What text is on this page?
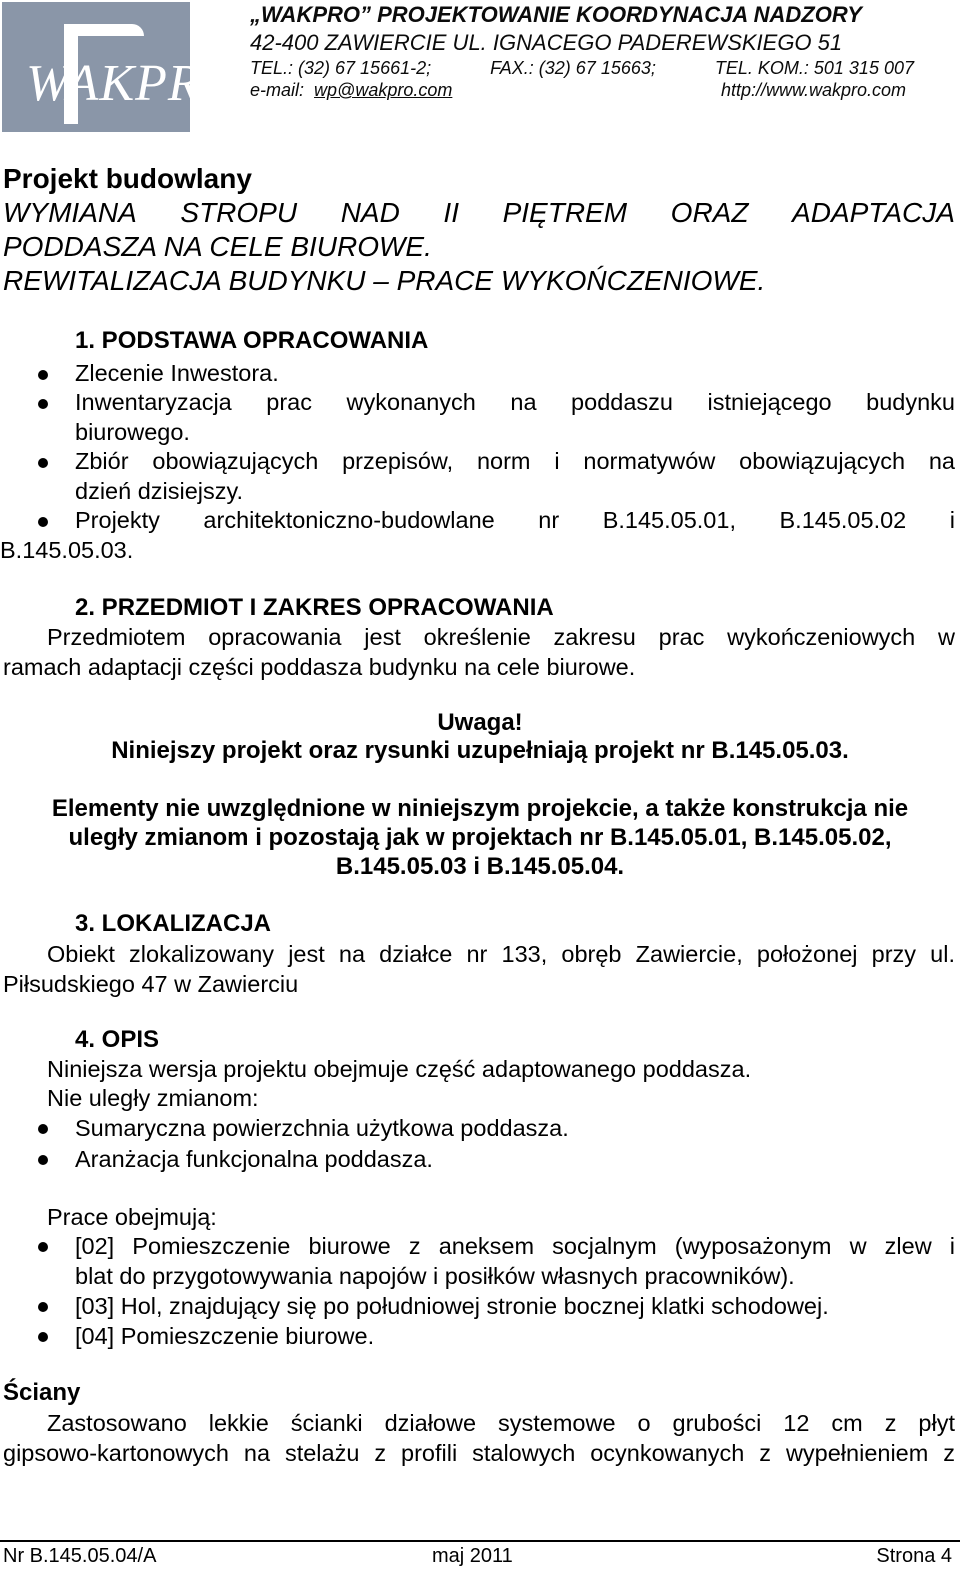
WAKPRO
„WAKPRO” PROJEKTOWANIE KOORDYNACJA NADZORY
42-400 ZAWIERCIE UL. IGNACEGO PADEREWSKIEGO 51
TEL.: (32) 67 15661-2;	FAX.: (32) 67 15663;	TEL. KOM.: 501 315 007
e-mail: wp@wakpro.com	http://www.wakpro.com
Projekt budowlany
WYMIANA STROPU NAD II PIĘTREM ORAZ ADAPTACJA
PODDASZA NA CELE BIUROWE.
REWITALIZACJA BUDYNKU – PRACE WYKOŃCZENIOWE.
1. PODSTAWA OPRACOWANIA
Zlecenie Inwestora.
Inwentaryzacja prac wykonanych na poddaszu istniejącego budynku
biurowego.
Zbiór obowiązujących przepisów, norm i normatywów obowiązujących na
dzień dzisiejszy.
Projekty architektoniczno-budowlane nr B.145.05.01, B.145.05.02 i
B.145.05.03.
2. PRZEDMIOT I ZAKRES OPRACOWANIA
Przedmiotem opracowania jest określenie zakresu prac wykończeniowych w
ramach adaptacji części poddasza budynku na cele biurowe.
Uwaga!
Niniejszy projekt oraz rysunki uzupełniają projekt nr B.145.05.03.
Elementy nie uwzględnione w niniejszym projekcie, a także konstrukcja nie
uległy zmianom i pozostają jak w projektach nr B.145.05.01, B.145.05.02,
B.145.05.03 i B.145.05.04.
3. LOKALIZACJA
Obiekt zlokalizowany jest na działce nr 133, obręb Zawiercie, położonej przy ul.
Piłsudskiego 47 w Zawierciu
4. OPIS
Niniejsza wersja projektu obejmuje część adaptowanego poddasza.
Nie uległy zmianom:
Sumaryczna powierzchnia użytkowa poddasza.
Aranżacja funkcjonalna poddasza.
Prace obejmują:
[02] Pomieszczenie biurowe z aneksem socjalnym (wyposażonym w zlew i
blat do przygotowywania napojów i posiłków własnych pracowników).
[03] Hol, znajdujący się po południowej stronie bocznej klatki schodowej.
[04] Pomieszczenie biurowe.
Ściany
Zastosowano lekkie ścianki działowe systemowe o grubości 12 cm z płyt
gipsowo-kartonowych na stelażu z profili stalowych ocynkowanych z wypełnieniem z
Nr B.145.05.04/A	maj 2011	Strona 4
